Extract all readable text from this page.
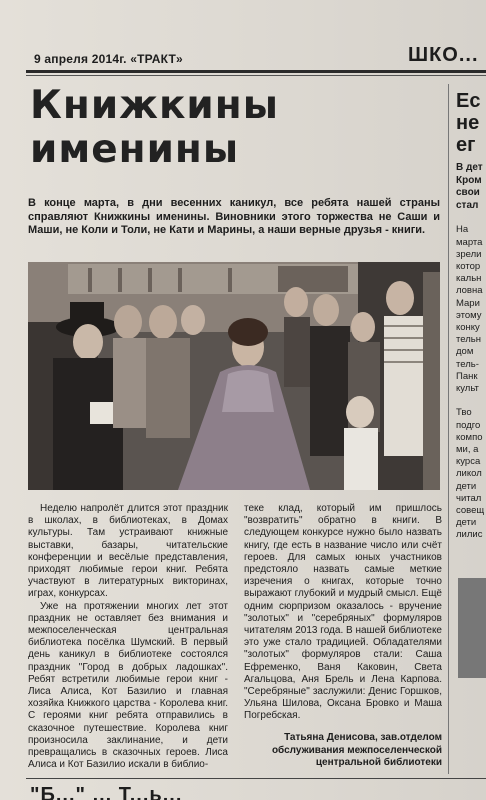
9 апреля 2014г. «ТРАКТ»	ШКО...
Книжкины
именины
В конце марта, в дни весенних каникул, все ребята нашей страны справляют Книжкины именины. Виновники этого торжества не Саши и Маши, не Коли и Толи, не Кати и Марины, а наши верные друзья - книги.

Неделю напролёт длится этот праздник в школах, в библиотеках, в Домах культуры. Там устраивают книжные выставки, базары, читательские конференции и весёлые представления, приходят любимые герои книг. Ребята участвуют в литературных викторинах, играх, конкурсах.

Уже на протяжении многих лет этот праздник не оставляет без внимания и межпоселенческая центральная библиотека посёлка Шумский. В первый день каникул в библиотеке состоялся праздник "Город в добрых ладошках". Ребят встретили любимые герои книг - Лиса Алиса, Кот Базилио и главная хозяйка Книжкого царства - Королева книг. С героями книг ребята отправились в сказочное путешествие. Королева книг произносила заклинание, и дети превращались в сказочных героев. Лиса Алиса и Кот Базилио искали в библио-

теке клад, который им пришлось "возвратить" обратно в книги. В следующем конкурсе нужно было назвать книгу, где есть в название число или счёт героев. Для самых юных участников предстояло назвать самые меткие изречения о книгах, которые точно выражают глубокий и мудрый смысл. Ещё одним сюрпризом оказалось - вручение "золотых" и "серебряных" формуляров читателям 2013 года. В нашей библиотеке это уже стало традицией. Обладателями "золотых" формуляров стали: Саша Ефременко, Ваня Каковин, Света Агальцова, Аня Брель и Лена Карпова. "Серебряные" заслужили: Денис Горшков, Ульяна Шилова, Оксана Бровко и Маша Погребская.

Татьяна Денисова, зав.отделом обслуживания межпоселенческой центральной библиотеки
Ес
не
ег
В дет
Кром
свои
стал
На
марта
зрели
котор
кальн
ловна
Мари
этому
конку
тельн
дом
тель-
Панк
культ

Тво
подго
компо
ми, а
курса
ликол
дети
читал
совещ
дети
лилис
"Б..." ... Т...ь...
